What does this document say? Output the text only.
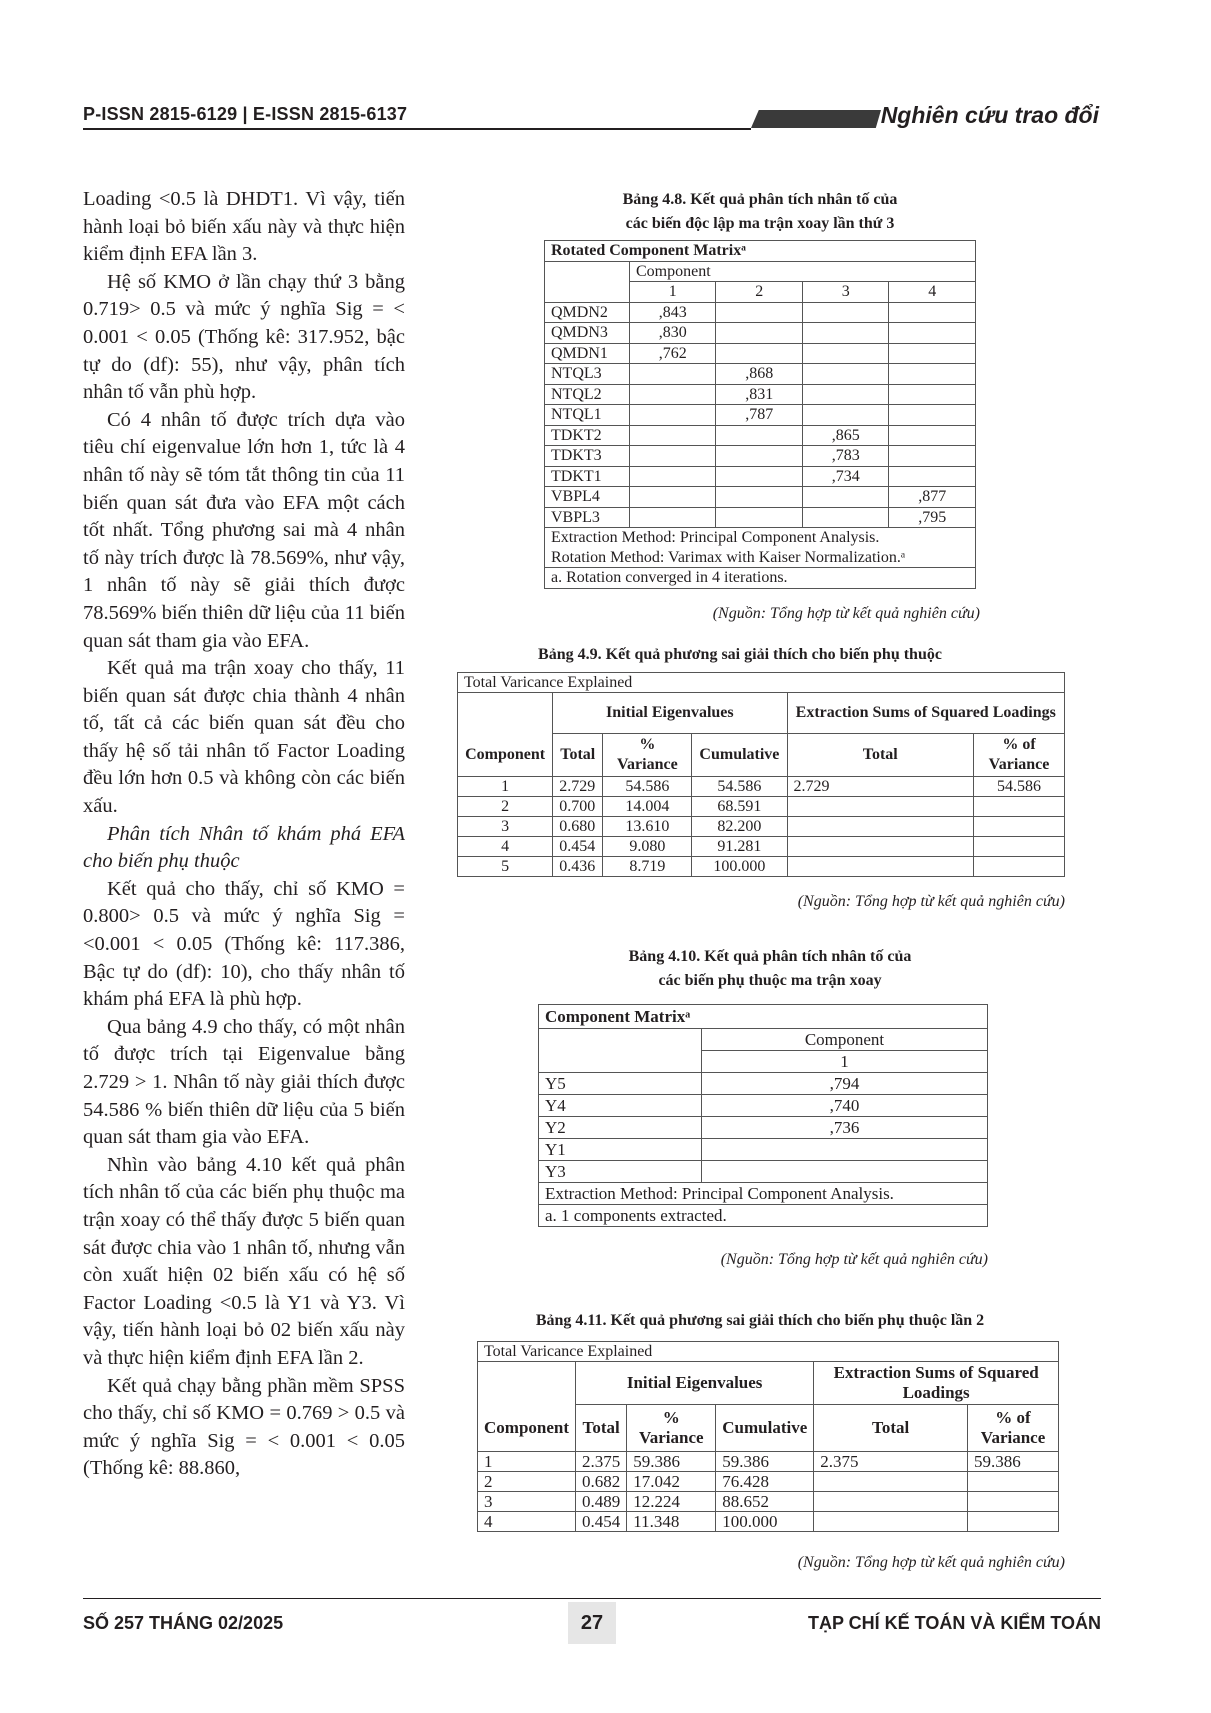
P-ISSN 2815-6129 | E-ISSN 2815-6137	Nghiên cứu trao đổi

Loading <0.5 là DHDT1. Vì vậy, tiến hành loại bỏ biến xấu này và thực hiện kiểm định EFA lần 3.

Hệ số KMO ở lần chạy thứ 3 bằng 0.719> 0.5 và mức ý nghĩa Sig = < 0.001 < 0.05 (Thống kê: 317.952, bậc tự do (df): 55), như vậy, phân tích nhân tố vẫn phù hợp.

Có 4 nhân tố được trích dựa vào tiêu chí eigenvalue lớn hơn 1, tức là 4 nhân tố này sẽ tóm tắt thông tin của 11 biến quan sát đưa vào EFA một cách tốt nhất. Tổng phương sai mà 4 nhân tố này trích được là 78.569%, như vậy, 1 nhân tố này sẽ giải thích được 78.569% biến thiên dữ liệu của 11 biến quan sát tham gia vào EFA.

Kết quả ma trận xoay cho thấy, 11 biến quan sát được chia thành 4 nhân tố, tất cả các biến quan sát đều cho thấy hệ số tải nhân tố Factor Loading đều lớn hơn 0.5 và không còn các biến xấu.

Phân tích Nhân tố khám phá EFA cho biến phụ thuộc

Kết quả cho thấy, chỉ số KMO = 0.800> 0.5 và mức ý nghĩa Sig = <0.001 < 0.05 (Thống kê: 117.386, Bậc tự do (df): 10), cho thấy nhân tố khám phá EFA là phù hợp.

Qua bảng 4.9 cho thấy, có một nhân tố được trích tại Eigenvalue bằng 2.729 > 1. Nhân tố này giải thích được 54.586 % biến thiên dữ liệu của 5 biến quan sát tham gia vào EFA.

Nhìn vào bảng 4.10 kết quả phân tích nhân tố của các biến phụ thuộc ma trận xoay có thể thấy được 5 biến quan sát được chia vào 1 nhân tố, nhưng vẫn còn xuất hiện 02 biến xấu có hệ số Factor Loading <0.5 là Y1 và Y3. Vì vậy, tiến hành loại bỏ 02 biến xấu này và thực hiện kiểm định EFA lần 2.

Kết quả chạy bằng phần mềm SPSS cho thấy, chỉ số KMO = 0.769 > 0.5 và mức ý nghĩa Sig = < 0.001 < 0.05 (Thống kê: 88.860,

Bảng 4.8. Kết quả phân tích nhân tố của
các biến độc lập ma trận xoay lần thứ 3
Rotated Component Matrixᵃ				
	Component			
	1	2	3	4
QMDN2	,843			
QMDN3	,830			
QMDN1	,762			
NTQL3		,868		
NTQL2		,831		
NTQL1		,787		
TDKT2			,865	
TDKT3			,783	
TDKT1			,734	
VBPL4				,877
VBPL3				,795
Extraction Method: Principal Component Analysis.				
Rotation Method: Varimax with Kaiser Normalization.ᵃ				
a. Rotation converged in 4 iterations.				
(Nguồn: Tổng hợp từ kết quả nghiên cứu)
Bảng 4.9. Kết quả phương sai giải thích cho biến phụ thuộc
Total Varicance Explained					
	Initial Eigenvalues			Extraction Sums of Squared Loadings	
Component	Total	% Variance	Cumulative	Total	% of Variance
1	2.729	54.586	54.586	2.729	54.586
2	0.700	14.004	68.591		
3	0.680	13.610	82.200		
4	0.454	9.080	91.281		
5	0.436	8.719	100.000		
(Nguồn: Tổng hợp từ kết quả nghiên cứu)
Bảng 4.10. Kết quả phân tích nhân tố của
các biến phụ thuộc ma trận xoay
Component Matrixᵃ	
	Component
	1
Y5	,794
Y4	,740
Y2	,736
Y1	
Y3	
Extraction Method: Principal Component Analysis.	
a. 1 components extracted.	
(Nguồn: Tổng hợp từ kết quả nghiên cứu)
Bảng 4.11. Kết quả phương sai giải thích cho biến phụ thuộc lần 2
Total Varicance Explained					
	Initial Eigenvalues			Extraction Sums of Squared Loadings	
Component	Total	% Variance	Cumulative	Total	% of Variance
1	2.375	59.386	59.386	2.375	59.386
2	0.682	17.042	76.428		
3	0.489	12.224	88.652		
4	0.454	11.348	100.000		
(Nguồn: Tổng hợp từ kết quả nghiên cứu)
SỐ 257 THÁNG 02/2025	27	TẠP CHÍ KẾ TOÁN VÀ KIỂM TOÁN
